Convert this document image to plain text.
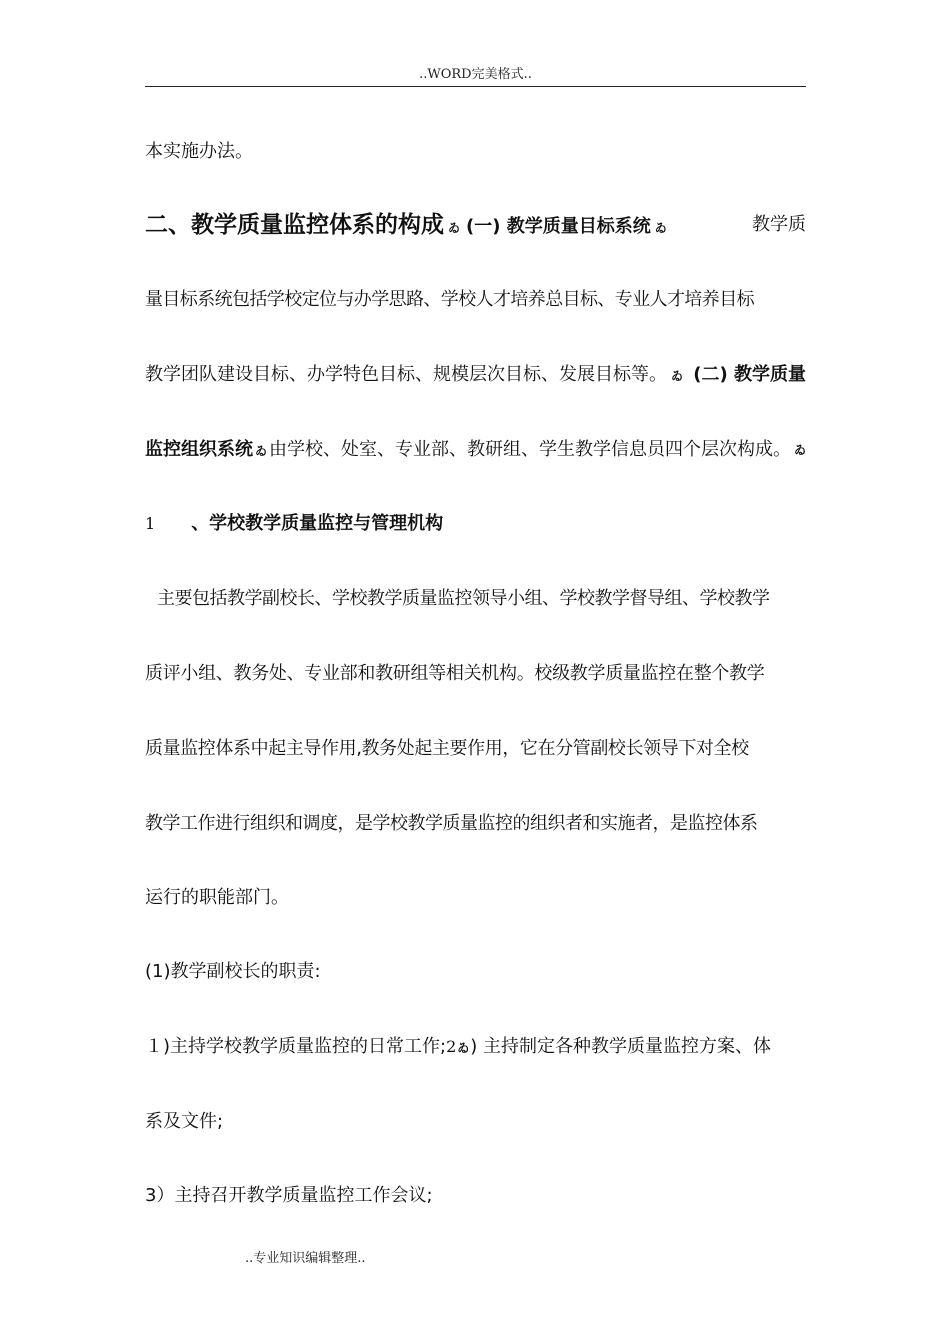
..WORD完美格式..
本实施办法。
二、教学质量监控体系的构成 ゐ (一) 教学质量目标系统 ゐ	教学质
量目标系统包括学校定位与办学思路、学校人才培养总目标、专业人才培养目标
教学团队建设目标、办学特色目标、规模层次目标、发展目标等。 ゐ (二) 教学质量
监控组织系统 ゐ 由学校、处室、专业部、教研组、学生教学信息员四个层次构成。 ゐ
1 、学校教学质量监控与管理机构
主要包括教学副校长、学校教学质量监控领导小组、学校教学督导组、学校教学
质评小组、教务处、专业部和教研组等相关机构。校级教学质量监控在整个教学
质量监控体系中起主导作用,教务处起主要作用，它在分管副校长领导下对全校
教学工作进行组织和调度，是学校教学质量监控的组织者和实施者，是监控体系
运行的职能部门。
(1)教学副校长的职责:
１)主持学校教学质量监控的日常工作;2ゐ) 主持制定各种教学质量监控方案、体
系及文件;
3）主持召开教学质量监控工作会议;
..专业知识编辑整理..
